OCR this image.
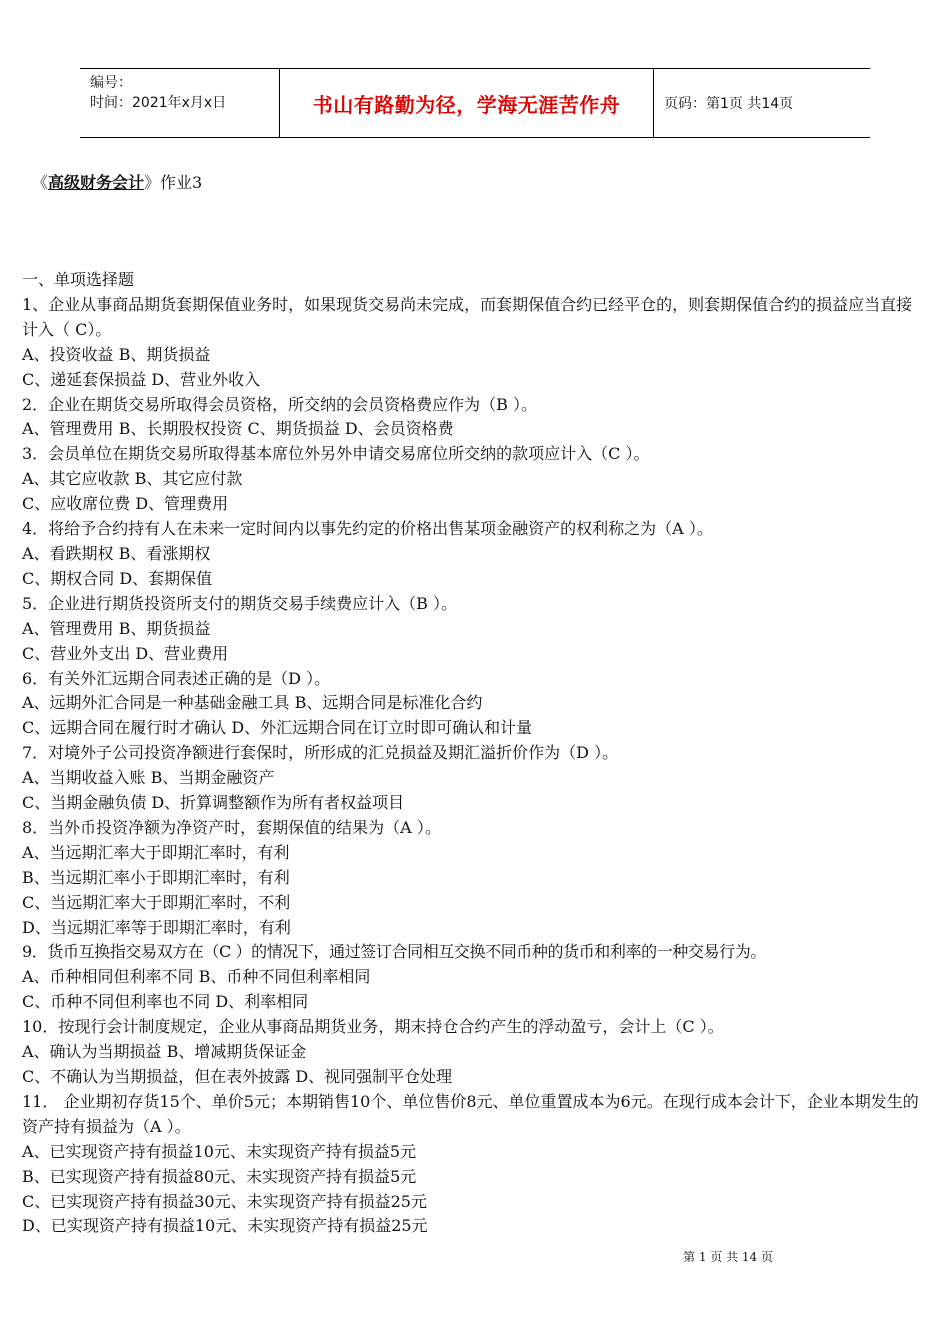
编号：
时间：2021年x月x日	书山有路勤为径，学海无涯苦作舟	页码：第1页 共14页
《高级财务会计》作业3

一、单项选择题

1、企业从事商品期货套期保值业务时，如果现货交易尚未完成，而套期保值合约已经平仓的，则套期保值合约的损益应当直接计入（ C）。

A、投资收益 B、期货损益

C、递延套保损益 D、营业外收入

2．企业在期货交易所取得会员资格，所交纳的会员资格费应作为（B ）。

A、管理费用 B、长期股权投资 C、期货损益 D、会员资格费

3．会员单位在期货交易所取得基本席位外另外申请交易席位所交纳的款项应计入（C ）。

A、其它应收款 B、其它应付款

C、应收席位费 D、管理费用

4．将给予合约持有人在未来一定时间内以事先约定的价格出售某项金融资产的权利称之为（A ）。

A、看跌期权 B、看涨期权

C、期权合同 D、套期保值

5．企业进行期货投资所支付的期货交易手续费应计入（B ）。

A、管理费用 B、期货损益

C、营业外支出 D、营业费用

6．有关外汇远期合同表述正确的是（D ）。

A、远期外汇合同是一种基础金融工具 B、远期合同是标准化合约

C、远期合同在履行时才确认 D、外汇远期合同在订立时即可确认和计量

7．对境外子公司投资净额进行套保时，所形成的汇兑损益及期汇溢折价作为（D ）。

A、当期收益入账 B、当期金融资产

C、当期金融负债 D、折算调整额作为所有者权益项目

8．当外币投资净额为净资产时，套期保值的结果为（A ）。

A、当远期汇率大于即期汇率时，有利

B、当远期汇率小于即期汇率时，有利

C、当远期汇率大于即期汇率时，不利

D、当远期汇率等于即期汇率时，有利

9．货币互换指交易双方在（C ）的情况下，通过签订合同相互交换不同币种的货币和利率的一种交易行为。

A、币种相同但利率不同 B、币种不同但利率相同

C、币种不同但利率也不同 D、利率相同

10．按现行会计制度规定，企业从事商品期货业务，期末持仓合约产生的浮动盈亏，会计上（C ）。

A、确认为当期损益 B、增减期货保证金

C、不确认为当期损益，但在表外披露 D、视同强制平仓处理

11． 企业期初存货15个、单价5元；本期销售10个、单位售价8元、单位重置成本为6元。在现行成本会计下，企业本期发生的资产持有损益为（A ）。

A、已实现资产持有损益10元、未实现资产持有损益5元

B、已实现资产持有损益80元、未实现资产持有损益5元

C、已实现资产持有损益30元、未实现资产持有损益25元

D、已实现资产持有损益10元、未实现资产持有损益25元

第 1 页 共 14 页
